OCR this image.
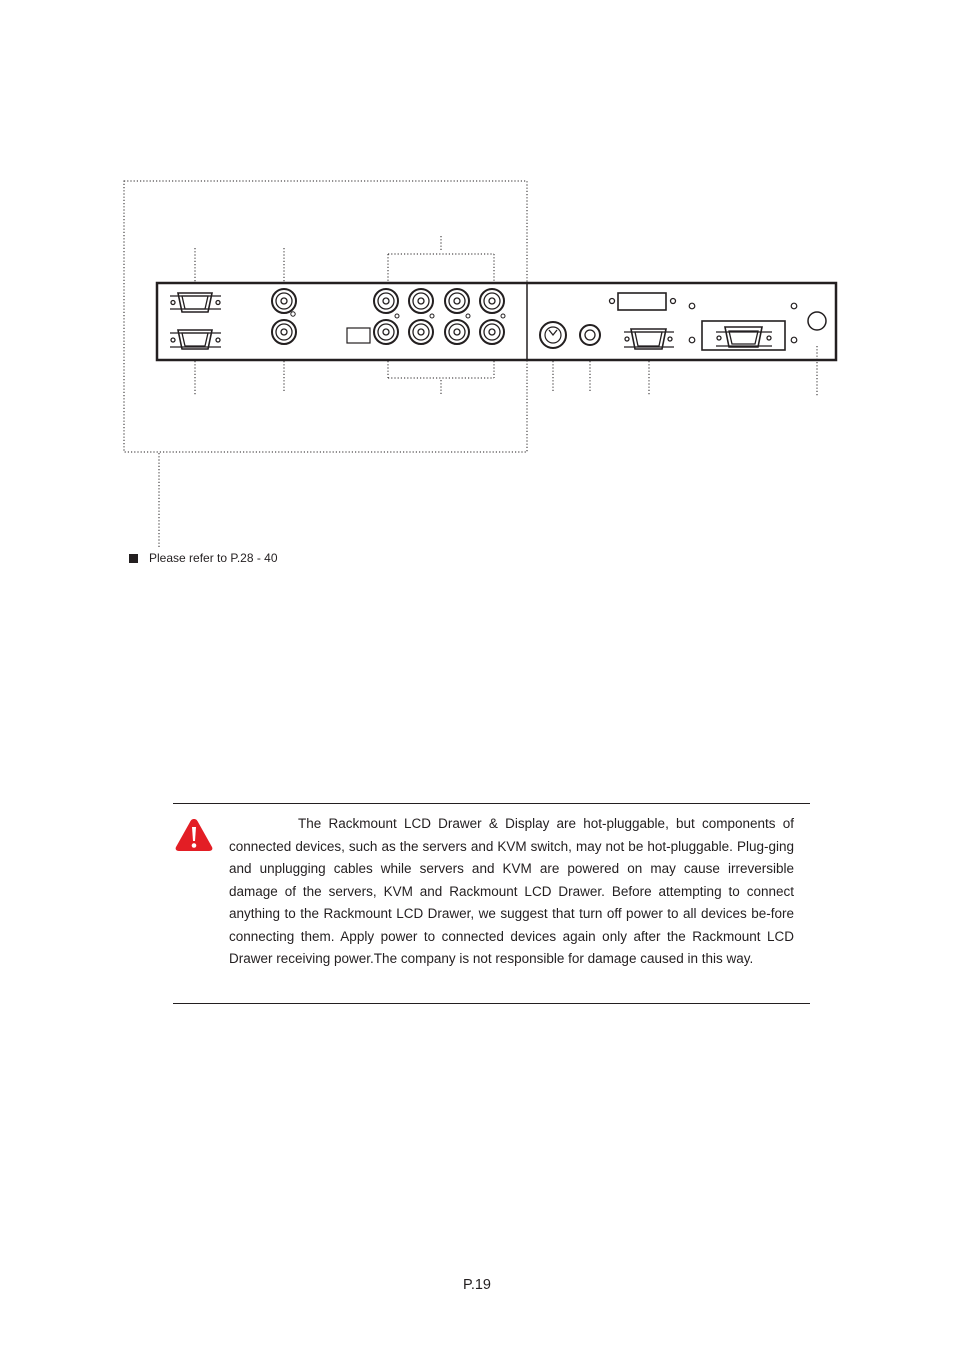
Please refer to P.28 - 40

The Rackmount LCD Drawer & Display are hot-pluggable, but components of connected devices, such as the servers and KVM switch, may not be hot-pluggable. Plug-ging and unplugging cables while servers and KVM are powered on may cause irreversible damage of the servers, KVM and Rackmount LCD Drawer. Before attempting to connect anything to the Rackmount LCD Drawer, we suggest that turn off power to all devices be-fore connecting them. Apply power to connected devices again only after the Rackmount LCD Drawer receiving power.The company is not responsible for damage caused in this way.

P.19
